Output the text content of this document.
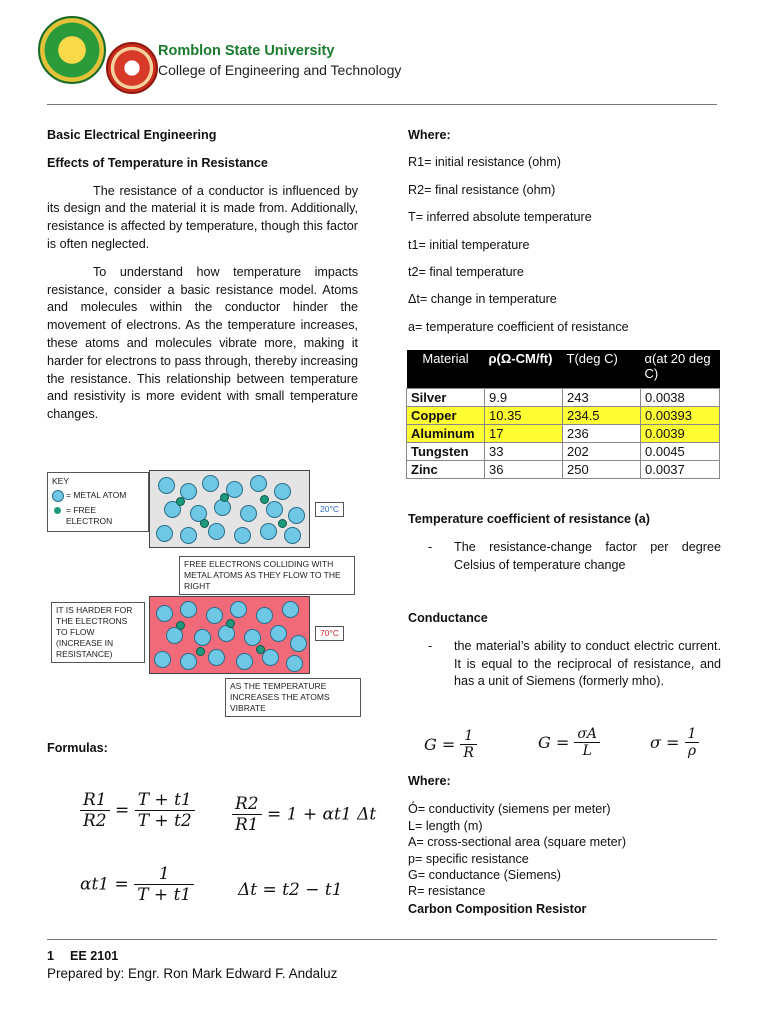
Romblon State University
College of Engineering and Technology

Basic Electrical Engineering

Effects of Temperature in Resistance

The resistance of a conductor is influenced by its design and the material it is made from. Additionally, resistance is affected by temperature, though this factor is often neglected.

To understand how temperature impacts resistance, consider a basic resistance model. Atoms and molecules within the conductor hinder the movement of electrons. As the temperature increases, these atoms and molecules vibrate more, making it harder for electrons to pass through, thereby increasing the resistance. This relationship between temperature and resistivity is more evident with small temperature changes.

KEY
= METAL ATOM
= FREE ELECTRON
20°C
FREE ELECTRONS COLLIDING WITH METAL ATOMS AS THEY FLOW TO THE RIGHT
IT IS HARDER FOR THE ELECTRONS TO FLOW (INCREASE IN RESISTANCE)
70°C
AS THE TEMPERATURE INCREASES THE ATOMS VIBRATE
Formulas:
$\frac{R1}{R2} = \frac{T + t1}{T + t2} \frac{R2}{R1} = 1 + \alpha t1$ Δt
$\alpha t1 = \frac{1}{T + t1}$	Δt = t2 − t1

Where:

R1= initial resistance (ohm)

R2= final resistance (ohm)

T= inferred absolute temperature

t1= initial temperature

t2= final temperature

Δt= change in temperature

a= temperature coefficient of resistance

Material	ρ(Ω-CM/ft)	T(deg C)	α(at 20 deg C)
Silver	9.9	243	0.0038
Copper	10.35	234.5	0.00393
Aluminum	17	236	0.0039
Tungsten	33	202	0.0045
Zinc	36	250	0.0037

Temperature coefficient of resistance (a)

- The resistance-change factor per degree Celsius of temperature change

Conductance

- the material’s ability to conduct electric current. It is equal to the reciprocal of resistance, and has a unit of Siemens (formerly mho).
$G = \frac{1}{R}$	$G = \frac{\sigma A}{L}$	$\sigma = \frac{1}{\rho}$

Where:

Ó= conductivity (siemens per meter)

L= length (m)

A= cross-sectional area (square meter)

p= specific resistance

G= conductance (Siemens)

R= resistance

Carbon Composition Resistor

1 EE 2101
Prepared by: Engr. Ron Mark Edward F. Andaluz
